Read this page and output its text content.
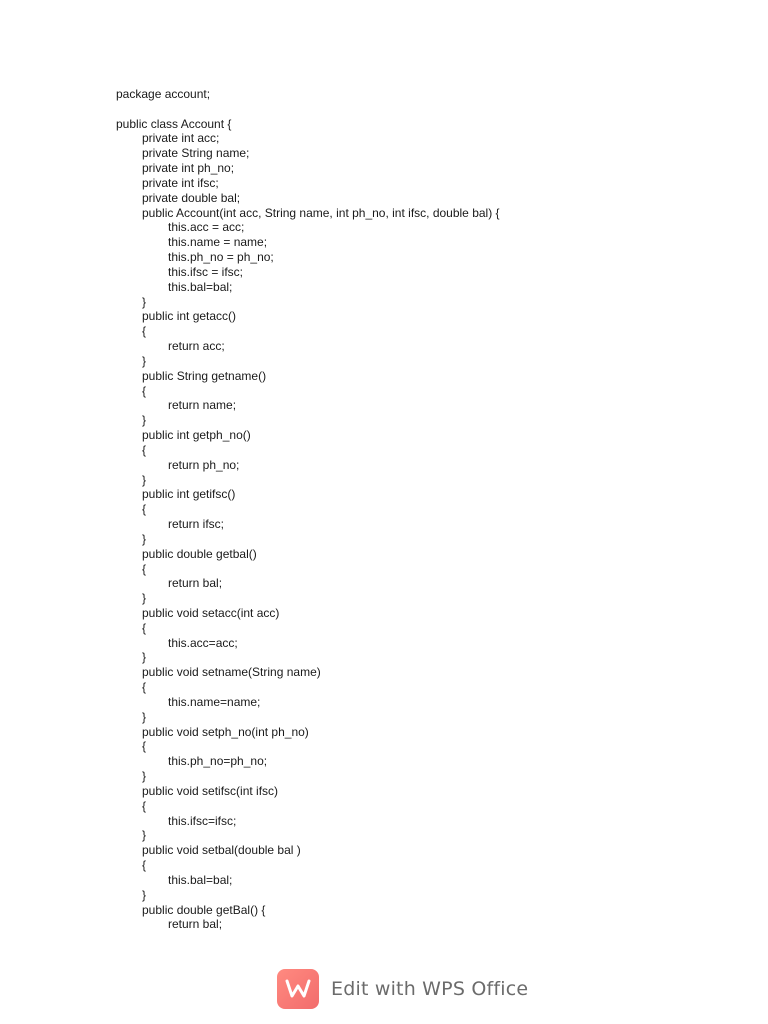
package account;
public class Account {
private int acc;
private String name;
private int ph_no;
private int ifsc;
private double bal;
public Account(int acc, String name, int ph_no, int ifsc, double bal) {
this.acc = acc;
this.name = name;
this.ph_no = ph_no;
this.ifsc = ifsc;
this.bal=bal;
}
public int getacc()
{
return acc;
}
public String getname()
{
return name;
}
public int getph_no()
{
return ph_no;
}
public int getifsc()
{
return ifsc;
}
public double getbal()
{
return bal;
}
public void setacc(int acc)
{
this.acc=acc;
}
public void setname(String name)
{
this.name=name;
}
public void setph_no(int ph_no)
{
this.ph_no=ph_no;
}
public void setifsc(int ifsc)
{
this.ifsc=ifsc;
}
public void setbal(double bal )
{
this.bal=bal;
}
public double getBal() {
return bal;
Edit with WPS Office
